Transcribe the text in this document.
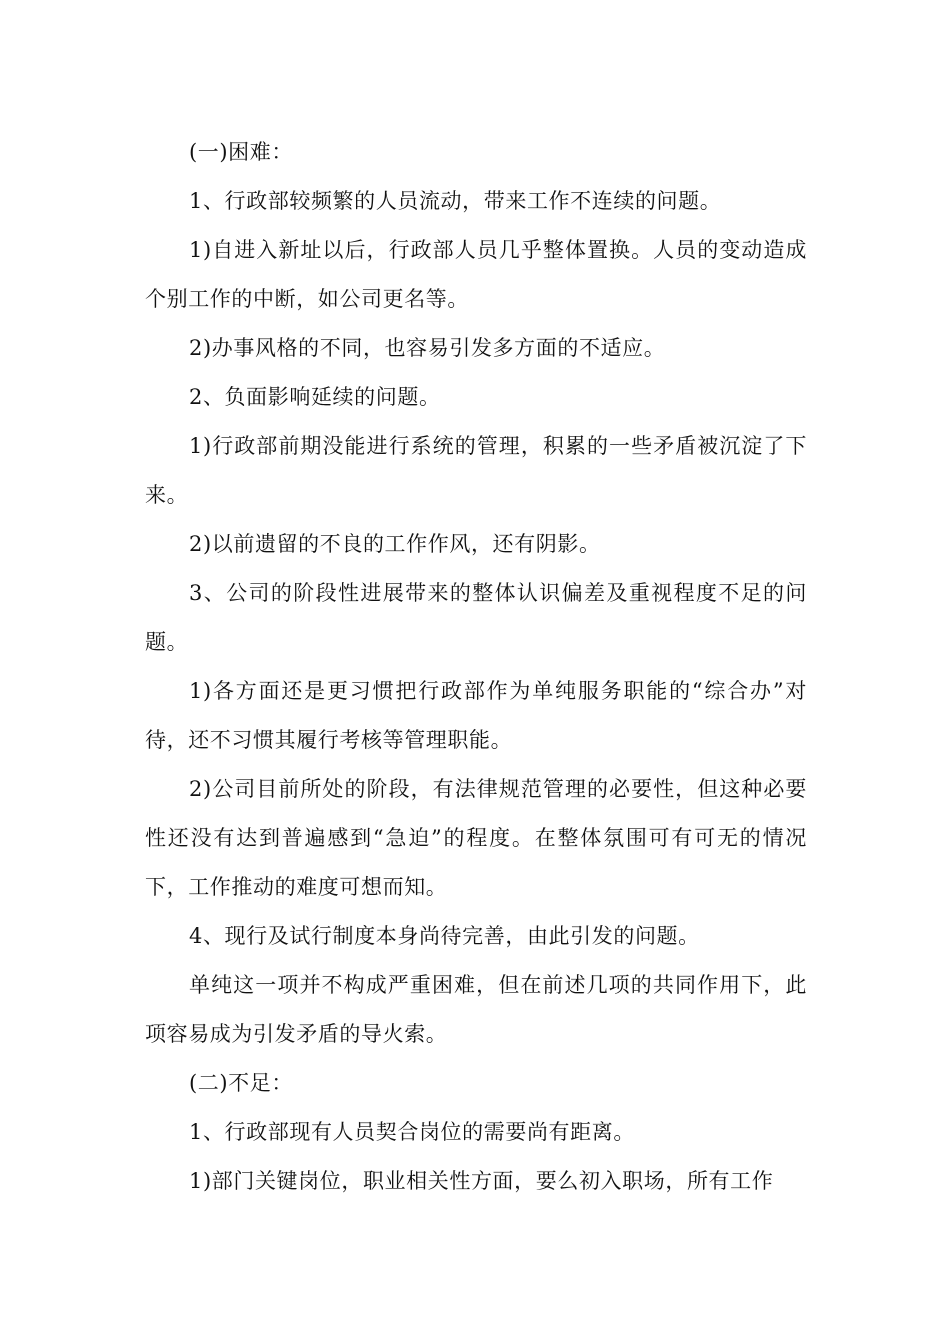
(一)困难：

1、行政部较频繁的人员流动，带来工作不连续的问题。

1)自进入新址以后，行政部人员几乎整体置换。人员的变动造成个别工作的中断，如公司更名等。

2)办事风格的不同，也容易引发多方面的不适应。

2、负面影响延续的问题。

1)行政部前期没能进行系统的管理，积累的一些矛盾被沉淀了下来。

2)以前遗留的不良的工作作风，还有阴影。

3、公司的阶段性进展带来的整体认识偏差及重视程度不足的问题。

1)各方面还是更习惯把行政部作为单纯服务职能的“综合办”对待，还不习惯其履行考核等管理职能。

2)公司目前所处的阶段，有法律规范管理的必要性，但这种必要性还没有达到普遍感到“急迫”的程度。在整体氛围可有可无的情况下，工作推动的难度可想而知。

4、现行及试行制度本身尚待完善，由此引发的问题。

单纯这一项并不构成严重困难，但在前述几项的共同作用下，此项容易成为引发矛盾的导火索。

(二)不足：

1、行政部现有人员契合岗位的需要尚有距离。

1)部门关键岗位，职业相关性方面，要么初入职场，所有工作
